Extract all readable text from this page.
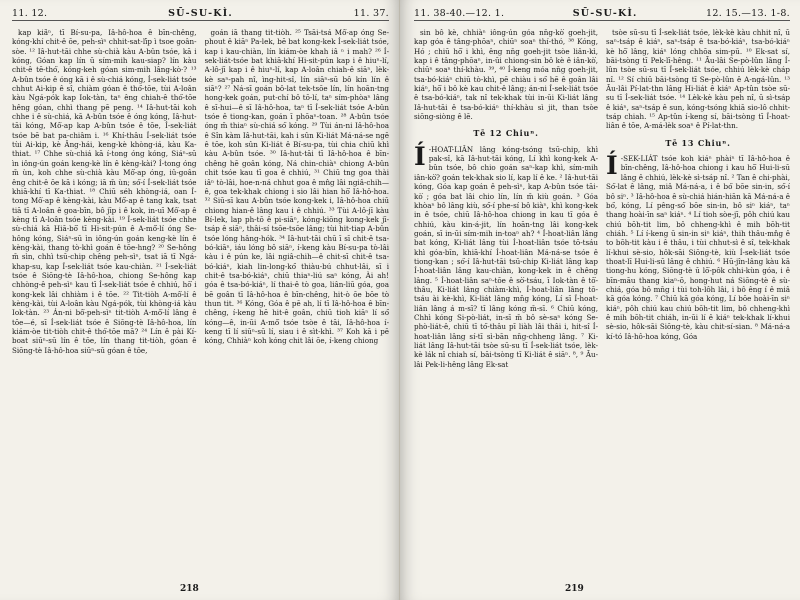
11. 12.	SŪ-SU-KÌ.	11. 37.

kap kiā̍ⁿ, tī Bí-su-pa, Iâ-hô-hoa ê bīn-chêng, kóng-khí chit-ê ōe, peh-sìⁿ chhit-sat-lī̍p ì tsoe goân-sòe. ¹² Iâ-hut-tāi chhe sù-chià kàu A-bûn tsóe, kā i kóng, Góan kap lín ū sím-mih kau-siap? lín kàu chit-ê tē-thó͘, kóng-keh góan sim-mih lâng-kò·? ¹³ A-bûn tsóe ê óng kā i ê sù-chiá kóng, Í-sek-liát tsóe chhut Ai-kip ê sî, chiàm góan ê thó͘-tōe, tùi A-loân kàu Ngá-pók kap Iok-tàn, taⁿ êng chiah-ê thó͘-tōe hêng góan, chhì thang pē peng. ¹⁴ Iâ-hut-tāi koh chhe i ê sù-chiá, kā A-bûn tsóe ê óng kóng, Iâ-hut-tāi kóng, Mô͘-ap kap A-bûn tsóe ê tōe, Í-sek-liát tsóe bē bat pa-chiâm i. ¹⁶ Khí-thâu Í-sek-liát tsóe tùi Ai-kip, kè Âng-hái, keng-kè khòng-iá, kàu Ka-thiat. ¹⁷ Chhe sù-chiá kā í-tong óng kóng, Siáⁿ-sū ìn iông-ún goán keng-kè lín ê kèng-kài? Í-tong óng m̄ ùn, koh chhe sù-chià kàu Mô͘-ap óng, iû-goân êng chit-ê ōe kā i kóng; iā m̄ ùn; só͘-í Í-sek-liát tsóe khiā-khí tī Ka-thiat. ¹⁸ Chiū séh khòng-iá, oan Í-tong Mô͘-ap ê kèng-kài, kàu Mô͘-ap ê tang kak, tsat tiā tī A-loân ê goa-bīn, bô jīp i ê kok, in-uī Mô͘-ap ê kèng tī A-loân tsóe kèng-kài. ¹⁹ Í-sek-liát tsóe chhe sù-chiá kā Hiā-bō͘ tī Hi-sit-pún ê A-mô͘-lí óng Se-hông kóng, Siáⁿ-sū ìn iông-ún goán keng-kè lín ê kèng-kài, thang tò-khì goán ê tōe-hng? ²⁰ Se-hông m̄ sìn, chhì tsū-chip chêng peh-sìⁿ, tsat iā tī Ngá-khap-su, kap Í-sek-liát tsóe kau-chiàn. ²¹ Í-sek-liát tsóe ê Siōng-tè Iâ-hô-hoa, chiong Se-hông kap chhòng-ê peh-sìⁿ kau tī Í-sek-liát tsóe ê chhiú, hō͘ i kong-kek lâi chhiàm i ê tōe. ²² Tit-tiòh A-mô͘-lí ê kèng-kài, tùi A-loân kàu Ngá-pók, tùi khòng-iá kàu Iok-tàn. ²³ Án-ni bô͘-peh-sìⁿ tit-tiòh A-mô͘-lí lâng ê tōe—é, sī Í-sek-liát tsóe ê Siōng-tè Iâ-hô-hoa, lín kiám-òe tit-tiòh chit-ê thó͘-tōe mā? ²⁴ Lín ê pài Kí-boat siūⁿ-sū lín ê tōe, lín thang tit-tiòh, góan ê Siōng-tè Iâ-hô-hoa siūⁿ-sū góan ê tōe,

goán iā thang tit-tiòh. ²⁵ Tsāi-tsá Mô͘-ap óng Se-phout ê kiāⁿ Pa-lek, bē bat kong-kek Í-sek-liát tsóe, kap i kau-chiàn, lín kiám-òe khah iâ ⁿ i mah? ²⁶ Í-sek-liát-tsóe bat khiā-khí Hi-sit-pún kap i ê hiuⁿ-lí, A-lô-jī kap i ê hiuⁿ-lí, kap A-loân chiah-ê siāⁿ, lèk-kè saⁿ-pah nî, ìng-hit-sî, lín siāⁿ-sū bô kín lín ê siāⁿ? ²⁷ Ná-sī goán bô-lat tek-tsōe lín, lín hoān-tng hong-kek goán, put-chí bô tō-lí, taⁿ sím-phòaⁿ lâng ê sī-hui—ê sī Iâ-hô-hoa, taⁿ tī Í-sek-liát tsóe A-bûn tsóe ê tiong-kan, goán ī phōaⁿ-toan. ²⁸ A-bûn tsóe óng m̄ thiaⁿ sù-chiá só͘ kóng. ²⁹ Tùi án-ni Iâ-hô-hoa ê Sîn kàm Iâ-hut-tāi, kah i sûn Ki-liát Má-ná-se ngē ê tōe, koh sûn Ki-liát ê Bí-su-pa, tùi chia chiū khì kàu A-bûn tsóe. ³⁰ Iâ-hut-tāi tī Iâ-hô-hoa ê bīn-chêng hē goân kóng, Ná chin-chiàⁿ chiong A-bûn chit tsóe kau tī goa ê chhiú, ³¹ Chiū tng goa thài iâⁿ tò-lâi, hoe-n-ná chhut goa ê mn̂g lâi ngiâ-chih—ê, goa tek-khak chiong i sio lâi hian hō͘ Iâ-hô-hoa. ³² Siū-sī kau A-bûn tsóe kong-kek i, Iâ-hô-hoa chiū chiong hian-ê lâng kau i ê chhiú. ³³ Tùi A-lô-jī kàu Bí-lek, lap ph-tō ê pi-siāⁿ, kóng-kiōng kong-kek jī-tsáp ê siāⁿ, thâi-sí tsōe-tsōe lâng; tùi hit-tiap A-bûn tsóe lóng hâng-hók. ³⁴ Iâ-hut-tāi chū ī sī chit-ê tsa-bó-kiāⁿ, iáu lóng bô siāⁿ, í-keng kàu Bí-su-pa tò-lâi kàu i ê pún ke, lâi ngiâ-chih—ê chit-sī chit-ê tsa-bó-kiáⁿ, kiah lin-long-kó͘ thiàu-bú chhut-lâi, sī i chit-ê tsa-bó-kiáⁿ, chiū thiaⁿ-liú saⁿ kóng, Ài ah! góa ê tsa-bó-kiáⁿ, lí thai-ê tò goa, liân-liū góa, goa bē goân tī Iâ-hô-hoa ê bīn-chêng, hit-ò ōe bōe tò thun tit. ³⁶ Kóng, Góa ê pē ah, lí tī Iâ-hô-hoa ê bīn-chêng, í-keng hē hit-ê goân, chiū tioh kiāⁿ lí só͘ kóng—ê, in-ūi A-mô͘ tsóe tsòe ê tāi, Iâ-hô-hoa í-keng tī lí siūⁿ-sū lí, siau i ê sìt-khì. ³⁷ Koh kā i pē kóng, Chhiàⁿ koh kóng chit lâi ōe, í-keng chiong

218
11. 38-40.—12. 1.	SŪ-SU-KÌ.	12. 15.—13. 1-8.

sin bô kè, chhiàⁿ iông-ún góa nn̄g-kò͘ goeh-jit, kap góa ê tâng-phōaⁿ, chiūⁿ soaⁿ thí-thó, ³⁸ Kóng, Hó ; chiū hō͘ i khì, êng nn̄g goeh-jit tsòe liân-kì, kap i ê tâng-phōaⁿ, in-ūi chiong-sin bô kè ê iân-kò͘, chiūⁿ soaⁿ thí-khàu. ³⁹, ⁴⁰ Í-keng móa nn̄g goeh-jit, tsa-bó-kiáⁿ chiū tò-khì, pē chiàu i só͘ hē ê goân lâi kiáⁿ, hō͘ i bô kè kau chit-ê lâng; án-ni Í-sek-liát tsóe ê tsa-bó-kiáⁿ, tak nî tek-khak tùi in-ūi Ki-liát lâng Iâ-hut-tāi ê tsa-bó-kiáⁿ thí-khàu sì jit, than tsòe siōng-siòng ê lē.

Tē 12 Chiuⁿ.

Í -HOAT-LIÂN lâng kóng-tsóng tsū-chip, khì pak-sî, kā Iâ-hut-tāi kóng, Lí khì kong-kek A-bûn tsóe, bô chio goán saⁿ-kap khì, sím-mih iân-kò͘? goán tek-khak sio lí, kap lí ê ke. ² Iâ-hut-tāi kóng, Góa kap goán ê peh-sìⁿ, kap A-bûn tsóe tāi-kò͘ ; góa bat lâi chio lín, lín m̄ kiù goán. ³ Góa khòaⁿ bô lâng kiù, só͘-í phe-sí bô kiàⁿ, khì kong-kek in ê tsóe, chiū Iâ-hô-hoa chiong in kau tī góa ê chhiú, kàu kin-á-jit, lín hoān-tng lâi kong-kek goán, sī in-ūi sím-mih in-toaⁿ ah? ⁴ Í-hoat-liân lâng bat kóng, Ki-liát lâng tùi Í-hoat-liân tsóe tō-tsáu khì góa-bīn, khiā-khí Í-hoat-liân Má-ná-se tsóe ê tiong-kan ; só͘-í Iâ-hut-tāi tsū-chip Ki-liát lâng kap Í-hoat-liân lâng kau-chiàn, kong-kek in ê chêng lâng. ⁵ Í-hoat-liân saⁿ-tōe ê sò͘-tsáu, ī Iok-tàn ê tō͘-thâu, Ki-liát lâng chiàm-khì, Í-hoat-liân lâng tō-tsáu ài kè-khì, Ki-liát lâng mn̄g kóng, Lí sī Í-hoat-liân lâng á m-sī? tī lâng kóng m̄-sī. ⁶ Chiū kóng, Chhì kóng Si-pò-liát, in-sī m̄ bô sè-saⁿ kóng Se-phò-liát-ê, chiū tī tó͘-thâu pī liàh lâi thâi i, hit-sî Í-hoat-liân lâng sí-tī sì-bān nn̄g-chheng lâng. ⁷ Ki-liát lâng Iâ-hut-tāi tsòe sū-su tī Í-sek-liát tsóe, lèk-kè lák nî chiah sí, bāi-tsòng tī Ki-liát ê siāⁿ. ⁸, ⁹ Āu-lâi Pek-li-hêng lâng Ek-sat

tsòe sū-su tī Í-sek-liát tsóe, lèk-kè kàu chhit nî, ū saⁿ-tsáp ê kiáⁿ, saⁿ-tsáp ê tsa-bó-kiáⁿ, tsa-bó-kiáⁿ kè hō͘ lâng, kiáⁿ lóng chhōa sim-pū. ¹⁰ Ek-sat sí, bāi-tsòng tī Pek-lī-hêng. ¹¹ Āu-lâi Se-pò-lûn lâng Í-lûn tsòe sū-su tī Í-sek-liát tsóe, chhiú lèk-kè cháp nî. ¹² Sí chiū bāi-tsòng tī Se-pò-lûn ê A-ngá-lûn. ¹³ Āu-lâi Pí-lat-thn lâng Hi-liát ê kiáⁿ Ap-tûn tsòe sū-su tī Í-sek-liát tsóe. ¹⁴ Lèk-kè kàu peh nî, ū sì-tsáp ê kiáⁿ, saⁿ-tsáp ê sun, kóng-tsóng khiā sio-lô chhit-tsáp chiah. ¹⁵ Ap-tûn í-keng sí, bāi-tsòng tī Í-hoat-liân ê tōe, A-má-lèk soaⁿ ê Pí-lat-thn.

Tē 13 Chiuⁿ.

Í -SEK-LIÁT tsóe koh kiáⁿ phàiⁿ tī Iâ-hô-hoa ê bīn-chêng, Iâ-hô-hoa chiong i kau hō͘ Hui-li-sū lâng ê chhiú, lèk-kè sì-tsáp nî. ² Tan ê chi-phài, Só͘-lat ê lâng, miâ Má-ná-a, i ê bó͘ bōe sin-in, só͘-í bô siⁿ. ³ Iâ-hô-hoa ê sù-chiá hián-hiān kā Má-ná-a ê bó͘, kóng, Lí pêng-só͘ bōe sin-in, bô siⁿ kiáⁿ, taⁿ thang hoài-īn saⁿ kiáⁿ. ⁴ Lí tioh sòe-jī, pôh chiú kau chiú bōh-tit lim, bô chheng-khì ê mih bōh-tit chiáh. ⁵ Lí í-keng ū sin-in siⁿ kiáⁿ, thih thâu-mn̂g ê to bōh-tit kàu i ê thâu, i tùi chhut-sì ê sî, tek-khak lí-khui sè-sio, hôk-sāi Siōng-tè, kiù Í-sek-liát tsóe thoat-lī Hui-li-sū lâng ê chhiú. ⁶ Hū-jîn-lâng kàu kā tiong-hu kóng, Siōng-tè ū lō͘-pôk chhi-kùn góa, i ê bīn-māu thang kiaⁿ-ō, hong-hut ná Siōng-tè ê sù-chiá, góa bô mn̄g i tùi toh-lôh lâi, i bô êng í ê miâ kā góa kóng. ⁷ Chiū kā góa kóng, Lí bōe hoài-īn siⁿ kiáⁿ, pôh chiú kau chiú bōh-tit lim, bô chheng-khì ê mih bōh-tit chiáh, in-ūi lí ê kiáⁿ tek-khak lí-khui sè-sio, hôk-sāi Siōng-tè, kàu chit-sí-sian. ⁸ Má-ná-a kí-tó Iâ-hô-hoa kóng, Góa

219
